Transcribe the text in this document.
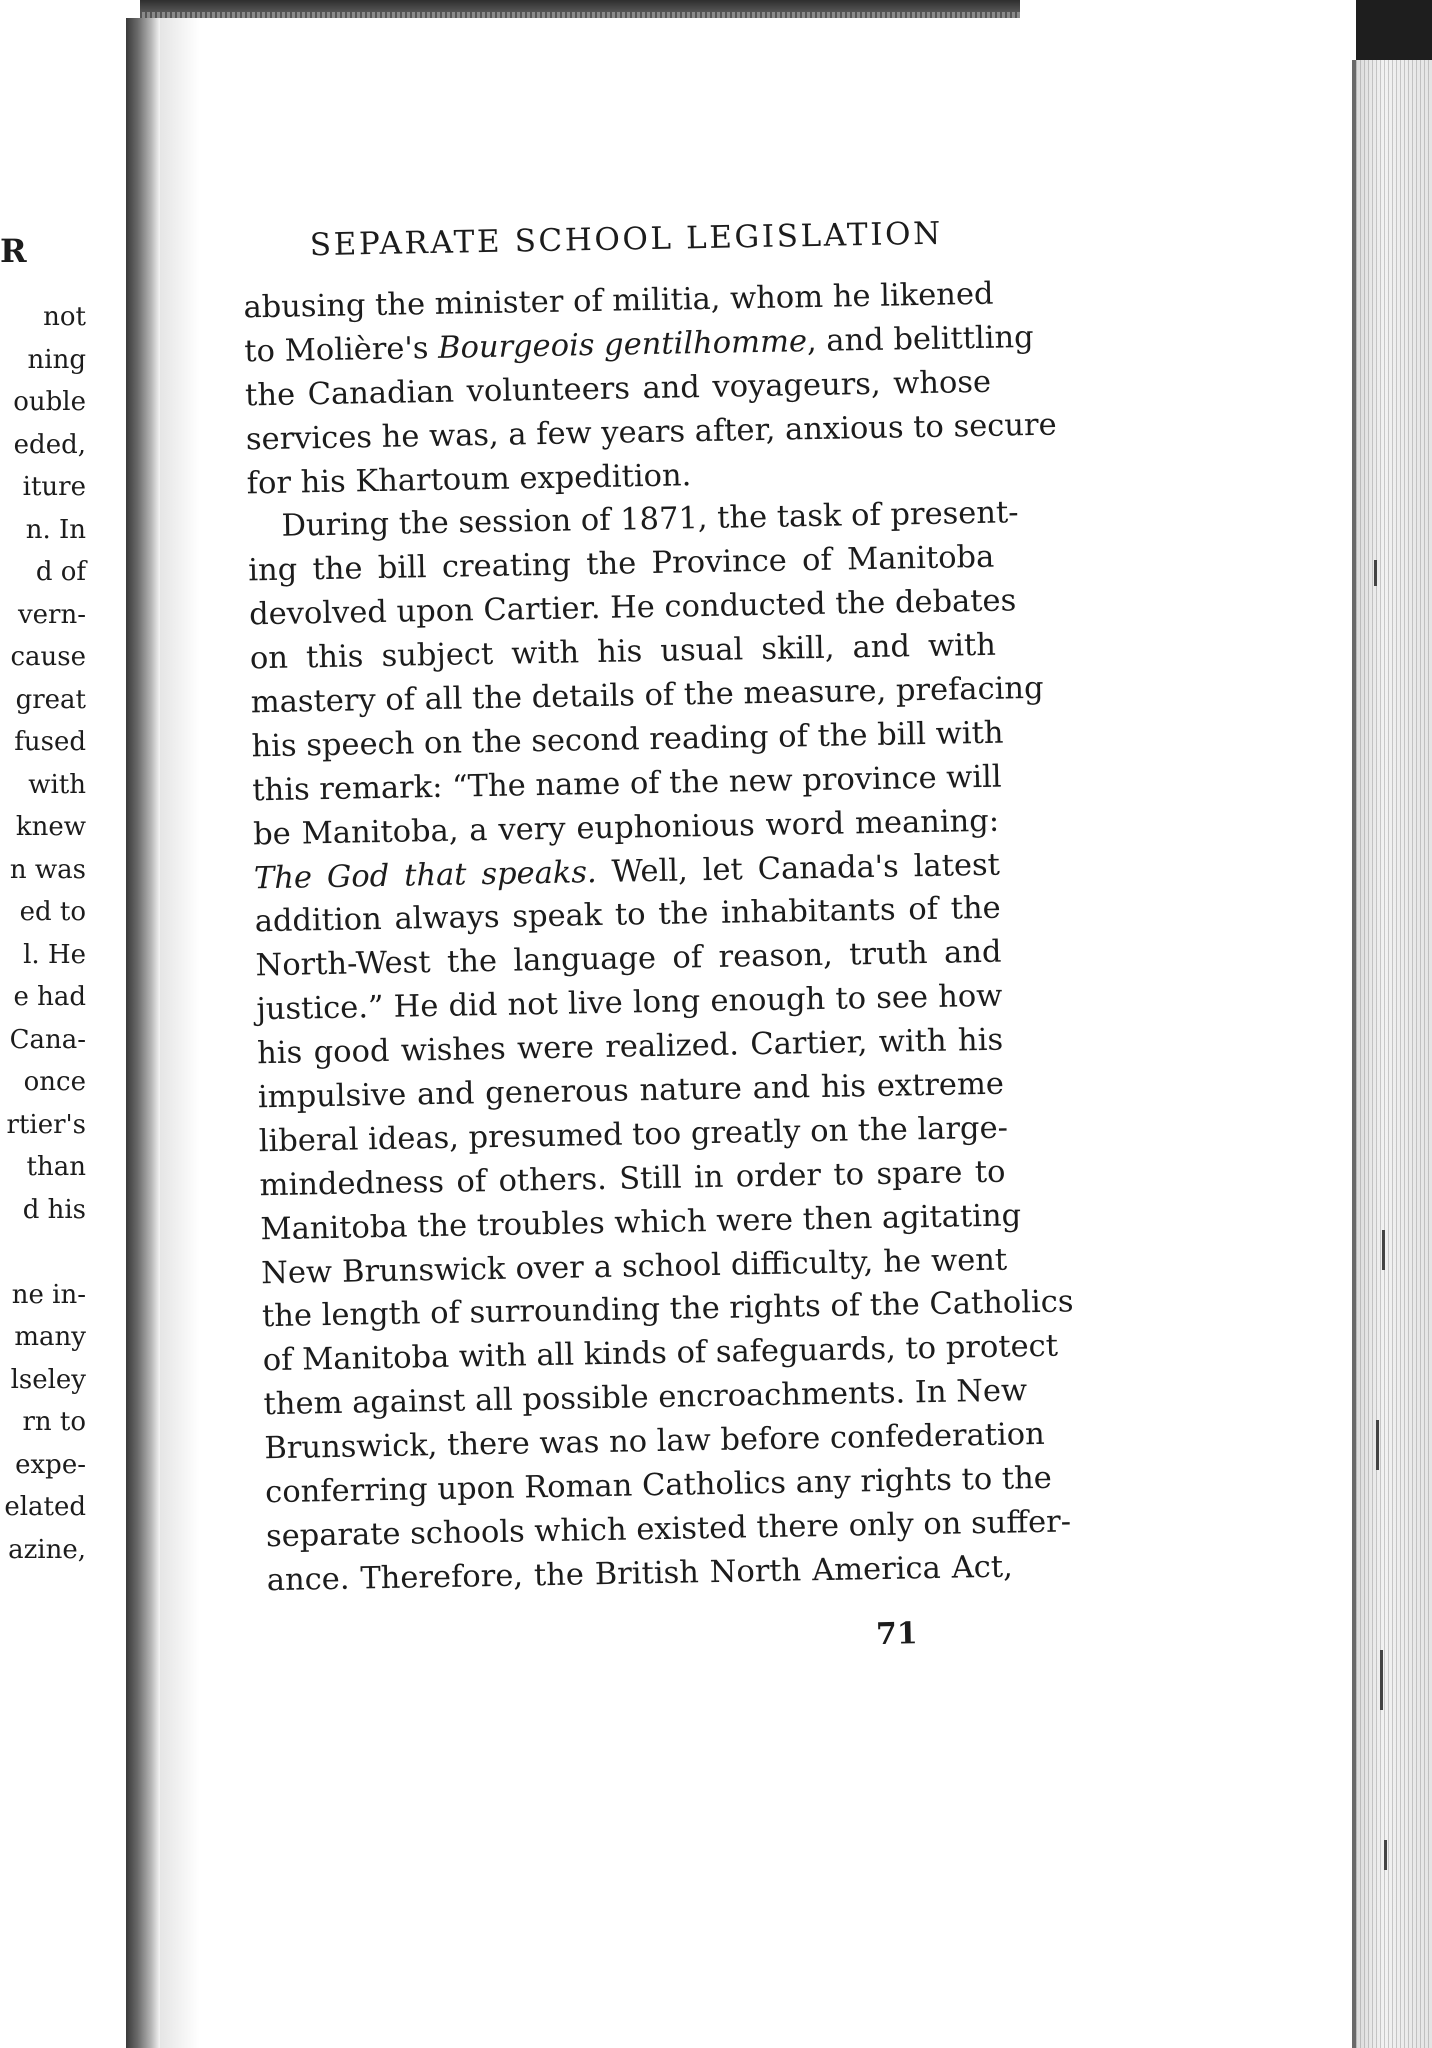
R
not
ning
ouble
eded,
iture
n. In
d of
vern-
cause
great
fused
with
knew
n was
ed to
l. He
e had
Cana-
once
rtier's
than
d his
ne in-
many
lseley
rn to
expe-
elated
azine,
SEPARATE SCHOOL LEGISLATION
abusing the minister of militia, whom he likened
to Molière's Bourgeois gentilhomme, and belittling
the Canadian volunteers and voyageurs, whose
services he was, a few years after, anxious to secure
for his Khartoum expedition.
During the session of 1871, the task of present-
ing the bill creating the Province of Manitoba
devolved upon Cartier. He conducted the debates
on this subject with his usual skill, and with
mastery of all the details of the measure, prefacing
his speech on the second reading of the bill with
this remark: “The name of the new province will
be Manitoba, a very euphonious word meaning:
The God that speaks. Well, let Canada's latest
addition always speak to the inhabitants of the
North-West the language of reason, truth and
justice.” He did not live long enough to see how
his good wishes were realized. Cartier, with his
impulsive and generous nature and his extreme
liberal ideas, presumed too greatly on the large-
mindedness of others. Still in order to spare to
Manitoba the troubles which were then agitating
New Brunswick over a school difficulty, he went
the length of surrounding the rights of the Catholics
of Manitoba with all kinds of safeguards, to protect
them against all possible encroachments. In New
Brunswick, there was no law before confederation
conferring upon Roman Catholics any rights to the
separate schools which existed there only on suffer-
ance. Therefore, the British North America Act,
71
